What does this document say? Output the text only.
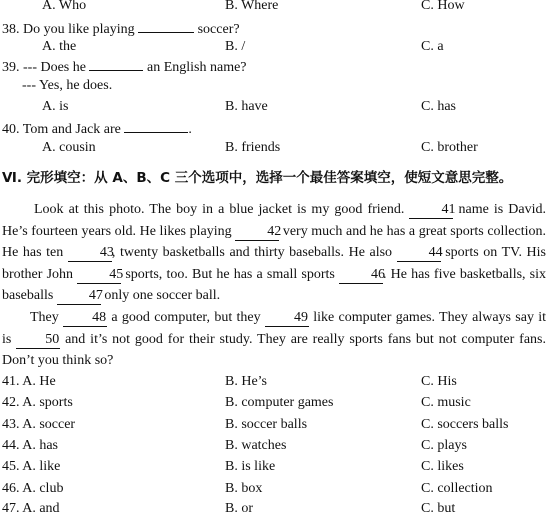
A. Who	B. Where	C. How
38. Do you like playing	soccer?
A. the	B. /	C. a
39. --- Does he	an English name?
--- Yes, he does.
A. is	B. have	C. has
40. Tom and Jack are	.
A. cousin	B. friends	C. brother
Ⅵ. 完形填空：从 A、B、C 三个选项中，选择一个最佳答案填空，使短文意思完整。
Look at this photo. The boy in a blue jacket is my good friend.	41 name is David. He’s fourteen years old. He likes playing	42 very much and he has a great sports collection. He has ten	43, twenty basketballs and thirty baseballs. He also	44 sports on TV. His brother John	45 sports, too. But he has a small sports	46. He has five basketballs, six baseballs	47 only one soccer ball.
They 48 a good computer, but they 49 like computer games. They always say it is 50 and it’s not good for their study. They are really sports fans but not computer fans. Don’t you think so?
41. A. He	B. He’s	C. His
42. A. sports	B. computer games	C. music
43. A. soccer	B. soccer balls	C. soccers balls
44. A. has	B. watches	C. plays
45. A. like	B. is like	C. likes
46. A. club	B. box	C. collection
47. A. and	B. or	C. but
